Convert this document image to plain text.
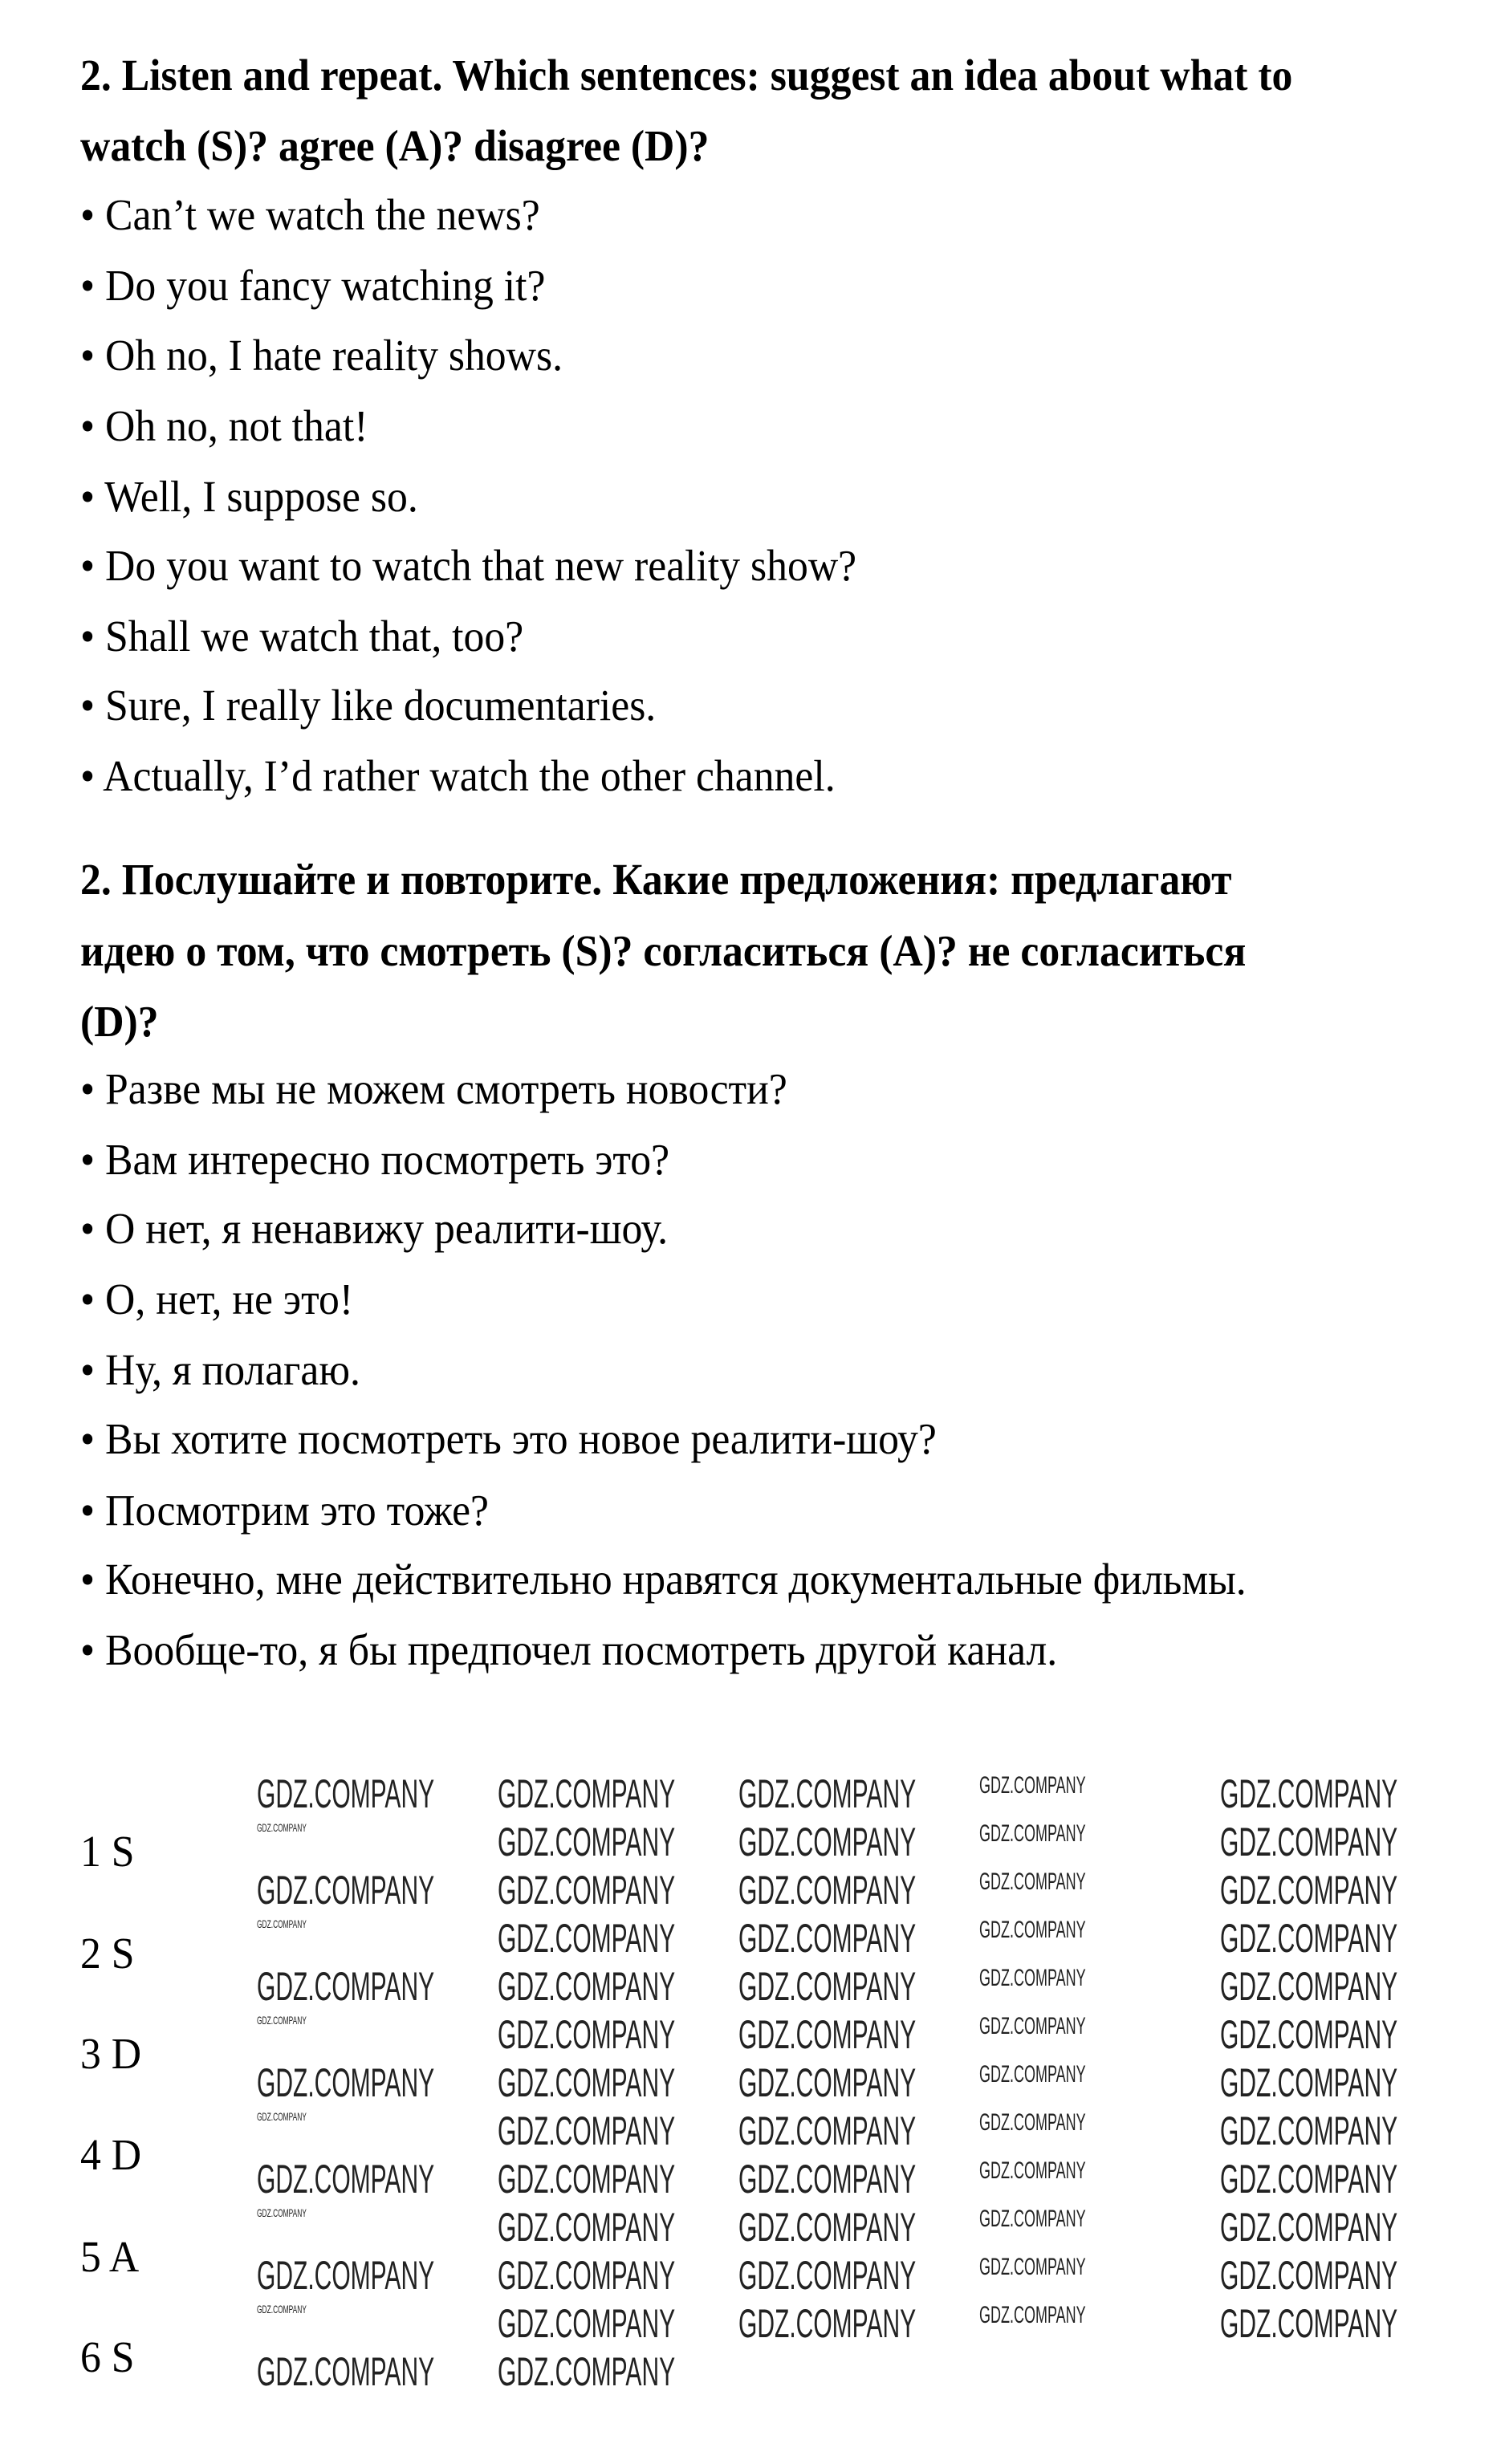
2. Listen and repeat. Which sentences: suggest an idea about what to
watch (S)? agree (A)? disagree (D)?
• Can’t we watch the news?
• Do you fancy watching it?
• Oh no, I hate reality shows.
• Oh no, not that!
• Well, I suppose so.
• Do you want to watch that new reality show?
• Shall we watch that, too?
• Sure, I really like documentaries.
• Actually, I’d rather watch the other channel.
2. Послушайте и повторите. Какие предложения: предлагают
идею о том, что смотреть (S)? согласиться (A)? не согласиться
(D)?
• Разве мы не можем смотреть новости?
• Вам интересно посмотреть это?
• О нет, я ненавижу реалити-шоу.
• О, нет, не это!
• Ну, я полагаю.
• Вы хотите посмотреть это новое реалити-шоу?
• Посмотрим это тоже?
• Конечно, мне действительно нравятся документальные фильмы.
• Вообще-то, я бы предпочел посмотреть другой канал.
1 S
2 S
3 D
4 D
5 A
6 S
GDZ.COMPANY GDZ.COMPANY GDZ.COMPANY	GDZ.COMPANY	GDZ.COMPANY
GDZ.COMPANY	GDZ.COMPANY GDZ.COMPANY	GDZ.COMPANY	GDZ.COMPANY
GDZ.COMPANY GDZ.COMPANY GDZ.COMPANY	GDZ.COMPANY	GDZ.COMPANY
GDZ.COMPANY	GDZ.COMPANY GDZ.COMPANY	GDZ.COMPANY	GDZ.COMPANY
GDZ.COMPANY GDZ.COMPANY GDZ.COMPANY	GDZ.COMPANY	GDZ.COMPANY
GDZ.COMPANY	GDZ.COMPANY GDZ.COMPANY	GDZ.COMPANY	GDZ.COMPANY
GDZ.COMPANY GDZ.COMPANY GDZ.COMPANY	GDZ.COMPANY	GDZ.COMPANY
GDZ.COMPANY	GDZ.COMPANY GDZ.COMPANY	GDZ.COMPANY	GDZ.COMPANY
GDZ.COMPANY GDZ.COMPANY GDZ.COMPANY	GDZ.COMPANY	GDZ.COMPANY
GDZ.COMPANY	GDZ.COMPANY GDZ.COMPANY	GDZ.COMPANY	GDZ.COMPANY
GDZ.COMPANY GDZ.COMPANY GDZ.COMPANY	GDZ.COMPANY	GDZ.COMPANY
GDZ.COMPANY	GDZ.COMPANY GDZ.COMPANY	GDZ.COMPANY	GDZ.COMPANY
GDZ.COMPANY GDZ.COMPANY
